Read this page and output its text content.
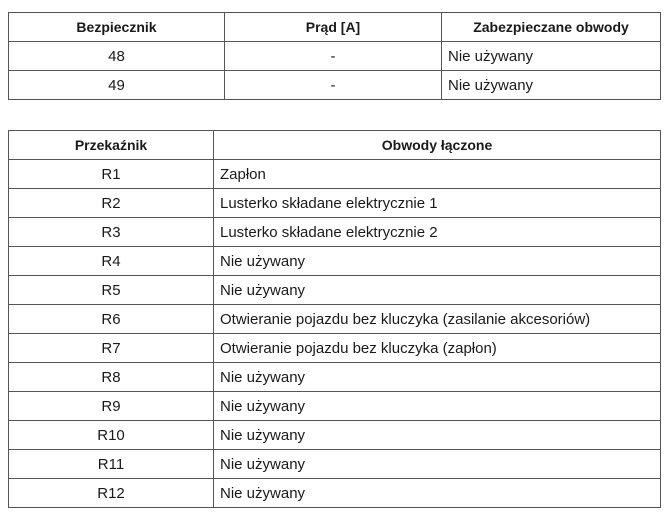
Bezpiecznik	Prąd [A]	Zabezpieczane obwody
48	-	Nie używany
49	-	Nie używany
Przekaźnik	Obwody łączone
R1	Zapłon
R2	Lusterko składane elektrycznie 1
R3	Lusterko składane elektrycznie 2
R4	Nie używany
R5	Nie używany
R6	Otwieranie pojazdu bez kluczyka (zasilanie akcesoriów)
R7	Otwieranie pojazdu bez kluczyka (zapłon)
R8	Nie używany
R9	Nie używany
R10	Nie używany
R11	Nie używany
R12	Nie używany
